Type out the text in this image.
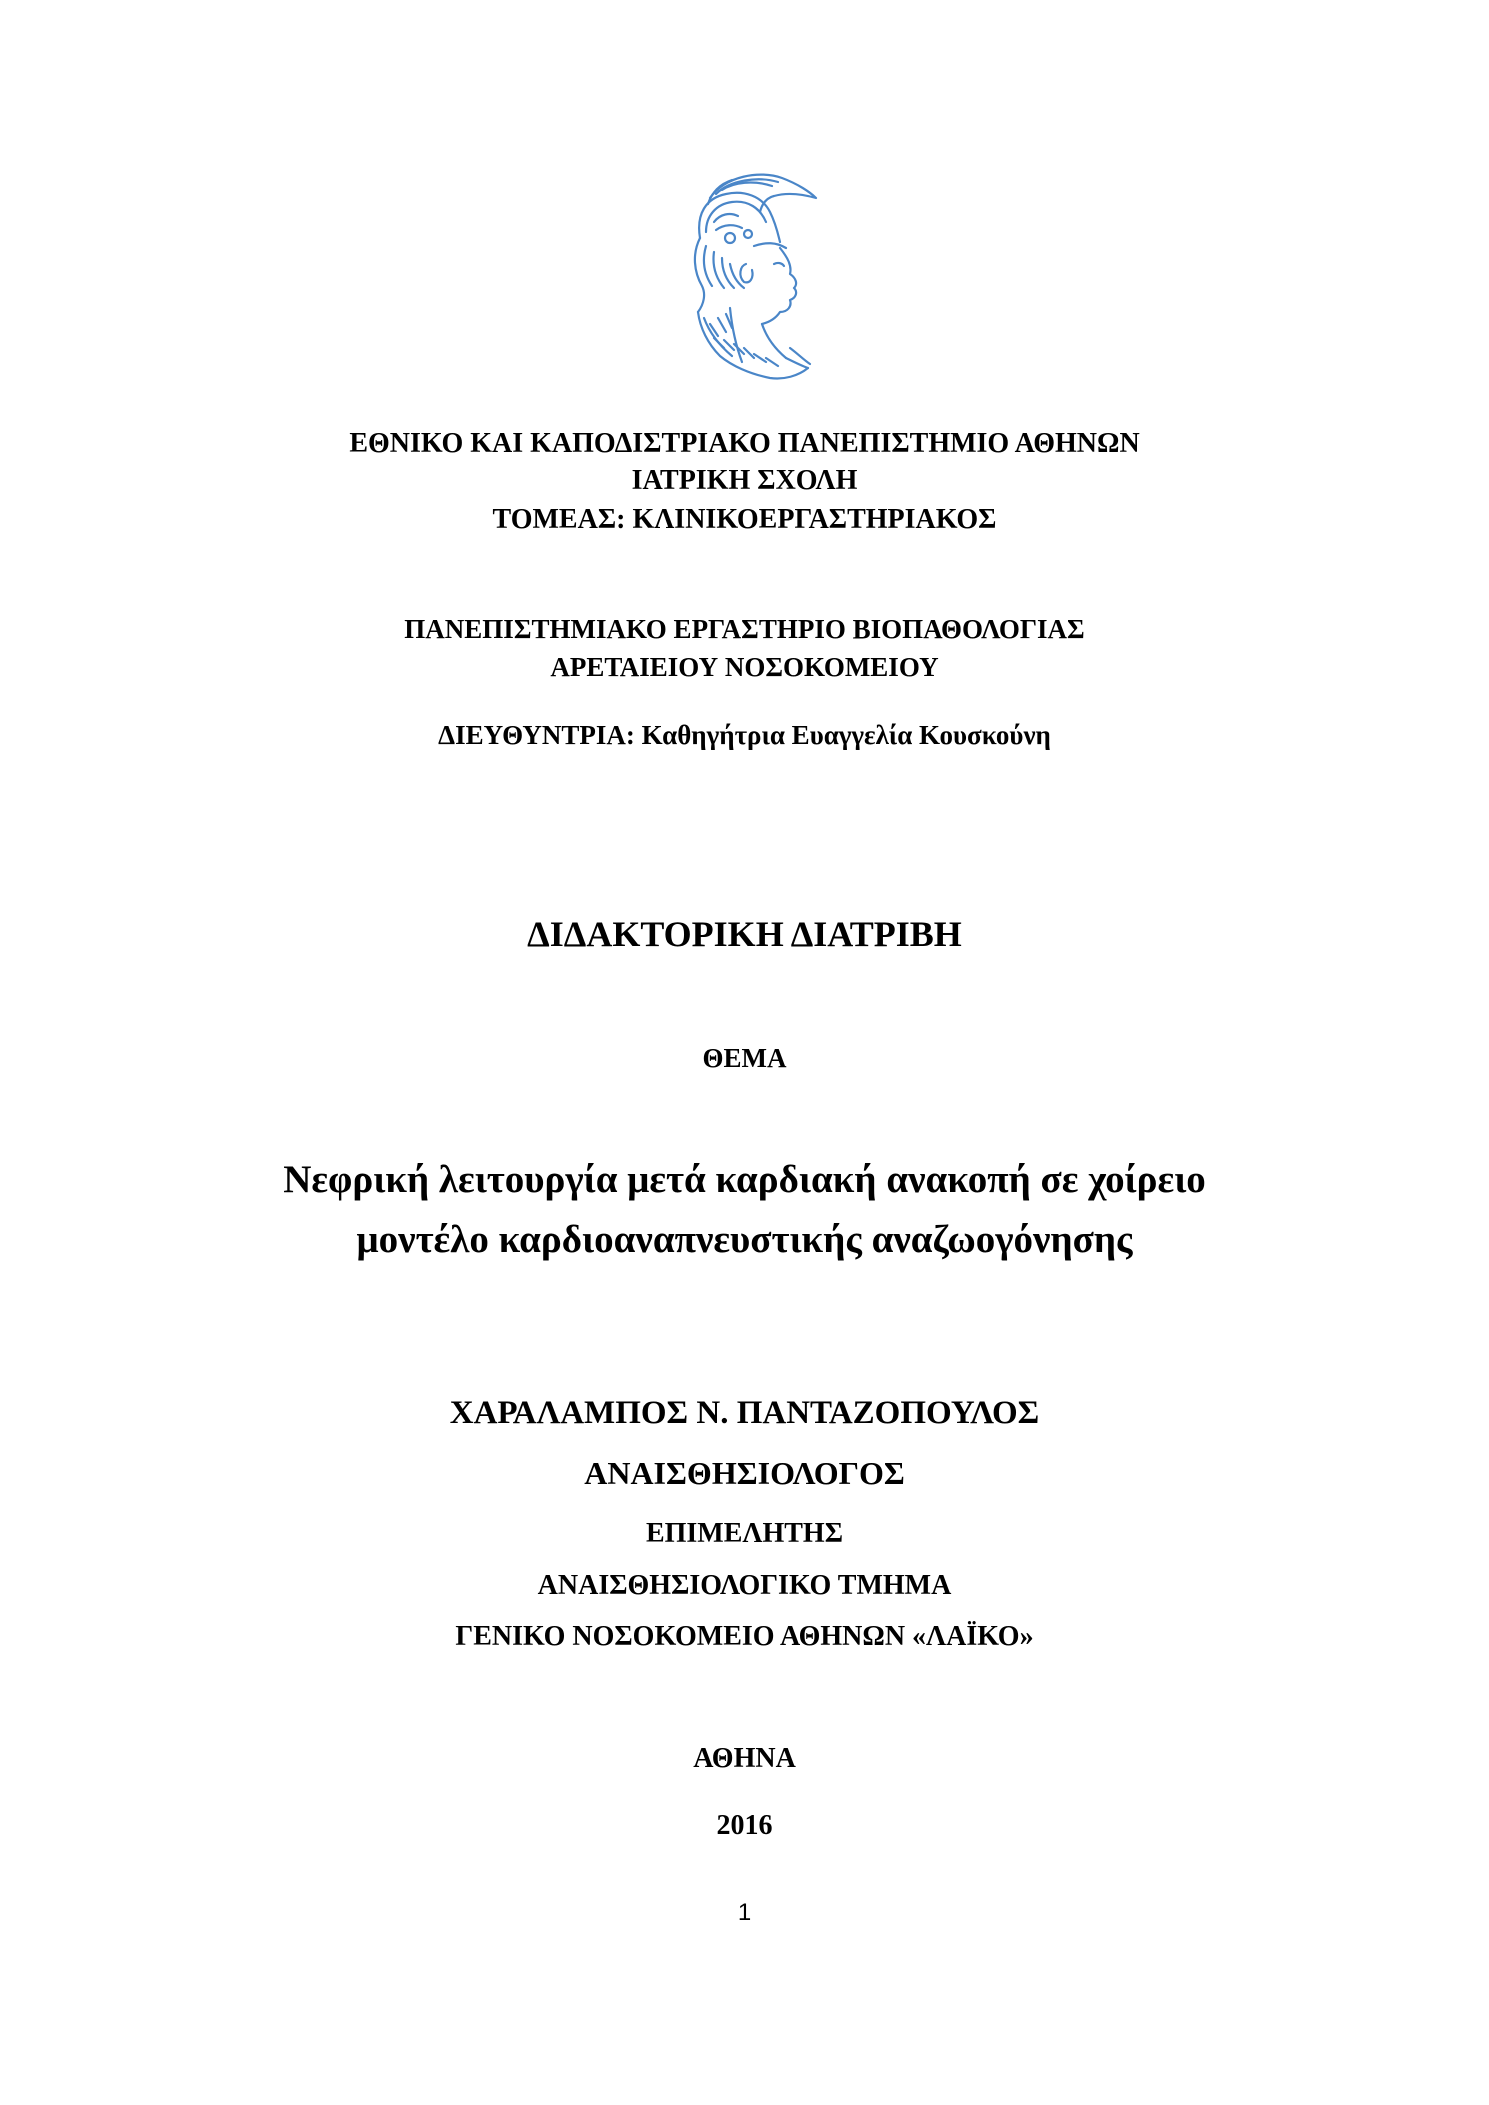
ΕΘΝΙΚΟ ΚΑΙ ΚΑΠΟΔΙΣΤΡΙΑΚΟ ΠΑΝΕΠΙΣΤΗΜΙΟ ΑΘΗΝΩΝ
ΙΑΤΡΙΚΗ ΣΧΟΛΗ
ΤΟΜΕΑΣ: ΚΛΙΝΙΚΟΕΡΓΑΣΤΗΡΙΑΚΟΣ
ΠΑΝΕΠΙΣΤΗΜΙΑΚΟ ΕΡΓΑΣΤΗΡΙΟ ΒΙΟΠΑΘΟΛΟΓΙΑΣ
ΑΡΕΤΑΙΕΙΟΥ ΝΟΣΟΚΟΜΕΙΟΥ
ΔΙΕΥΘΥΝΤΡΙΑ: Καθηγήτρια Ευαγγελία Κουσκούνη
ΔΙΔΑΚΤΟΡΙΚΗ ΔΙΑΤΡΙΒΗ
ΘΕΜΑ
Νεφρική λειτουργία μετά καρδιακή ανακοπή σε χοίρειο
μοντέλο καρδιοαναπνευστικής αναζωογόνησης
ΧΑΡΑΛΑΜΠΟΣ Ν. ΠΑΝΤΑΖΟΠΟΥΛΟΣ
ΑΝΑΙΣΘΗΣΙΟΛΟΓΟΣ
ΕΠΙΜΕΛΗΤΗΣ
ΑΝΑΙΣΘΗΣΙΟΛΟΓΙΚΟ ΤΜΗΜΑ
ΓΕΝΙΚΟ ΝΟΣΟΚΟΜΕΙΟ ΑΘΗΝΩΝ «ΛΑΪΚΟ»
ΑΘΗΝΑ
2016
1
